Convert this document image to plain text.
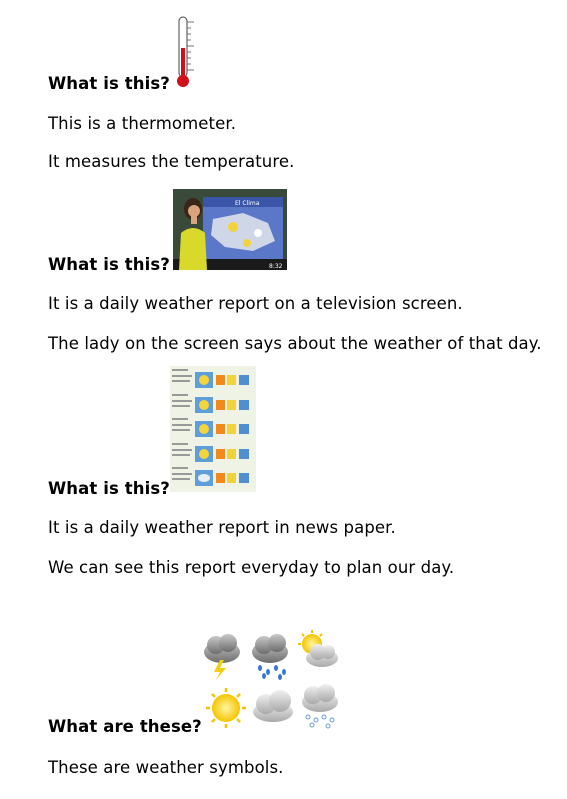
What is this?
This is a thermometer.
It measures the temperature.
El Clima
8:32
What is this?
It is a daily weather report on a television screen.
The lady on the screen says about the weather of that day.
What is this?
It is a daily weather report in news paper.
We can see this report everyday to plan our day.
What are these?
These are weather symbols.
